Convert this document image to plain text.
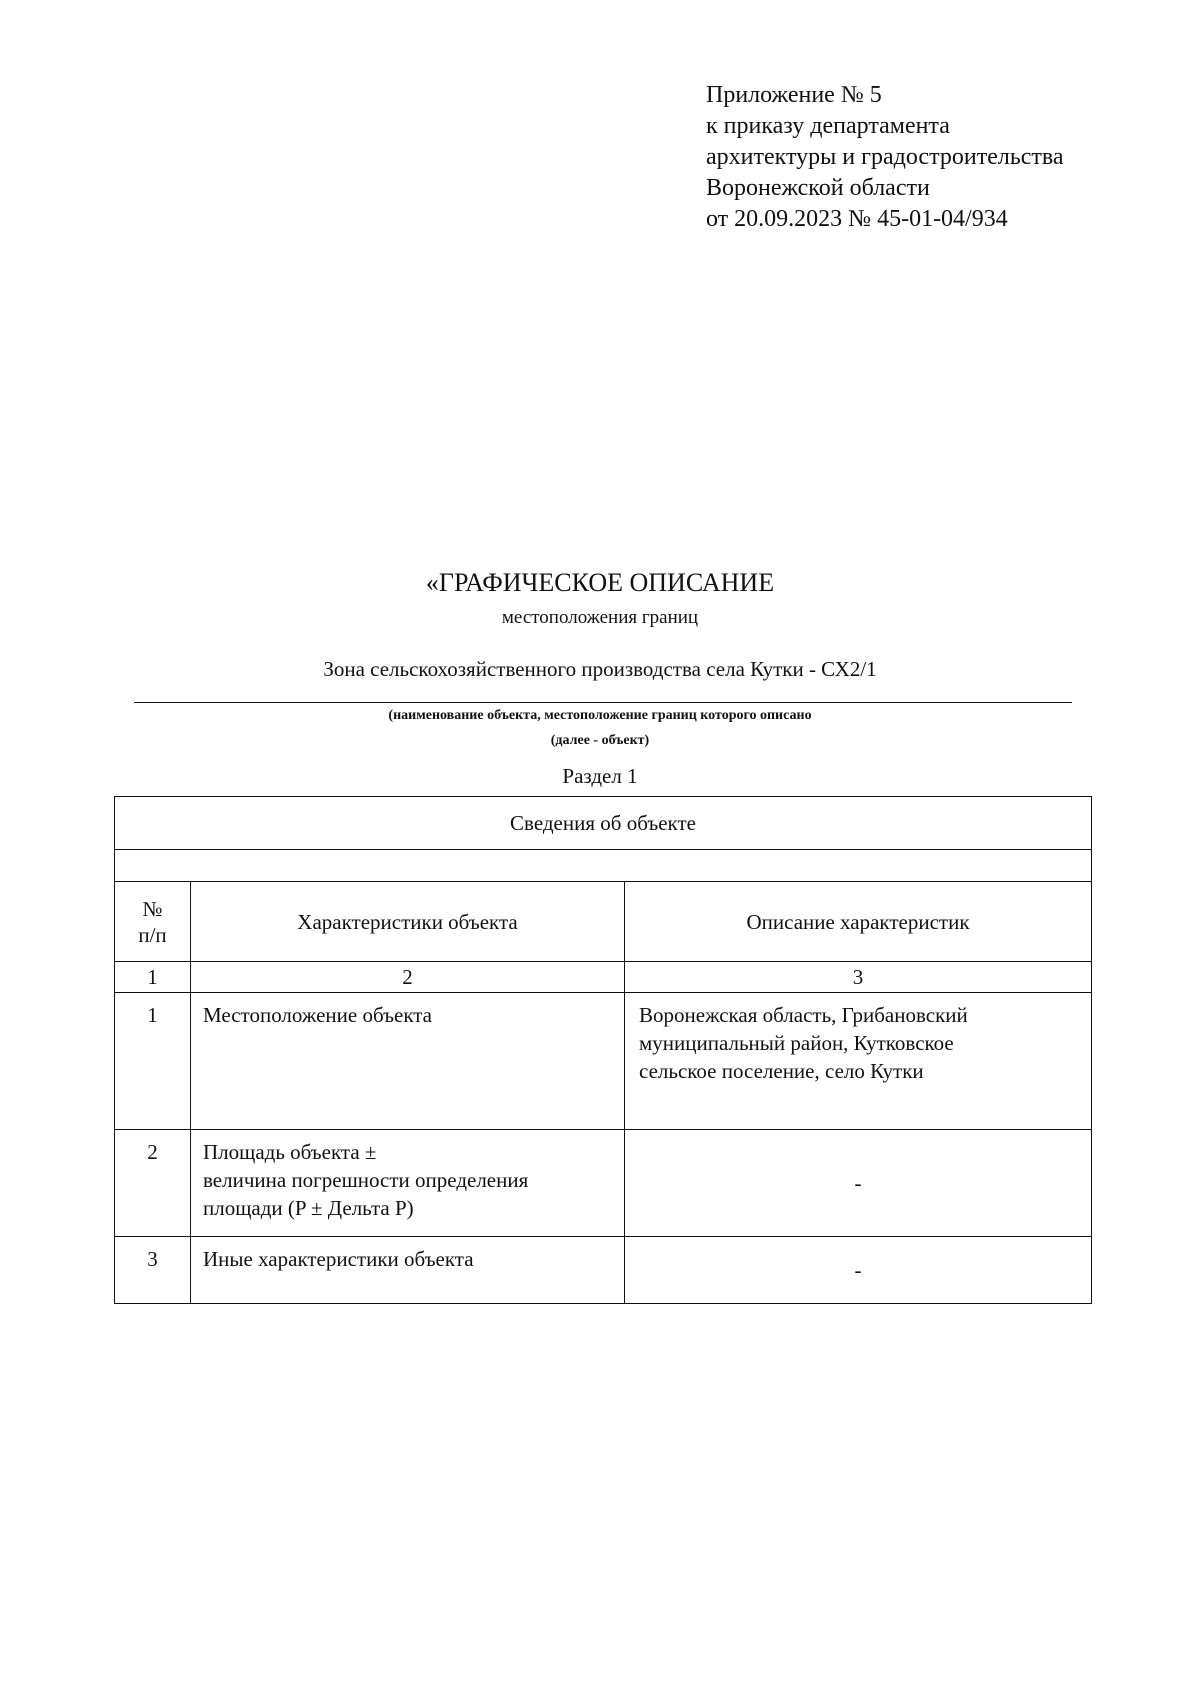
Приложение № 5
к приказу департамента
архитектуры и градостроительства
Воронежской области
от 20.09.2023 № 45-01-04/934
«ГРАФИЧЕСКОЕ ОПИСАНИЕ
местоположения границ
Зона сельскохозяйственного производства села Кутки - СХ2/1
(наименование объекта, местоположение границ которого описано
(далее - объект)
Раздел 1
Сведения об объекте		

№
п/п	Характеристики объекта	Описание характеристик
1	2	3
1	Местоположение объекта	Воронежская область, Грибановский
муниципальный район, Кутковское
сельское поселение, село Кутки

2	Площадь объекта ±
величина погрешности определения
площади (P ± Дельта P)	-
3	Иные характеристики объекта	-
